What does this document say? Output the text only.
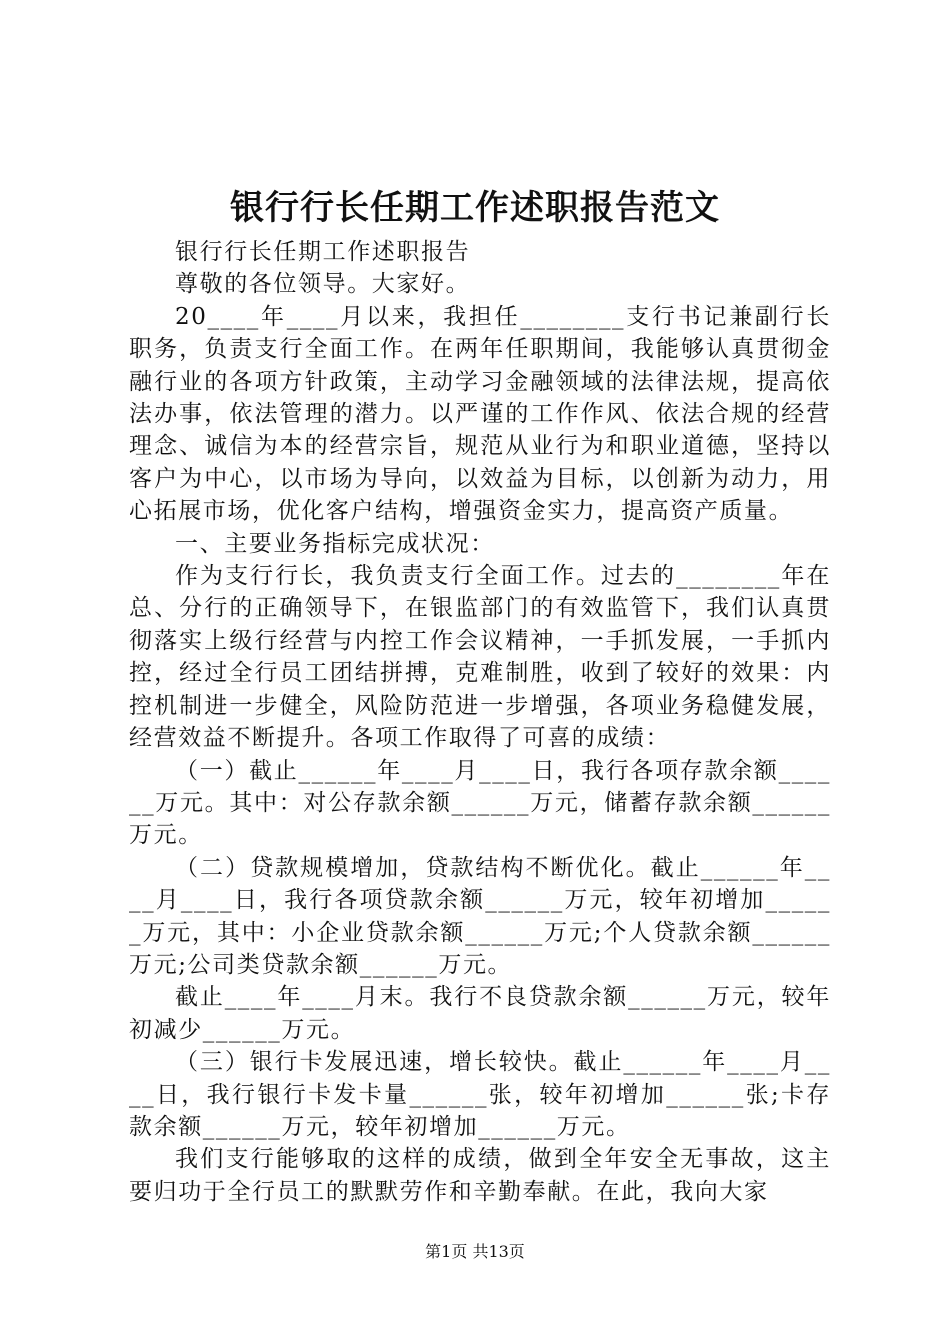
银行行长任期工作述职报告范文

银行行长任期工作述职报告

尊敬的各位领导。大家好。

20____年____月以来，我担任________支行书记兼副行长职务，负责支行全面工作。在两年任职期间，我能够认真贯彻金融行业的各项方针政策，主动学习金融领域的法律法规，提高依法办事，依法管理的潜力。以严谨的工作作风、依法合规的经营理念、诚信为本的经营宗旨，规范从业行为和职业道德，坚持以客户为中心，以市场为导向，以效益为目标，以创新为动力，用心拓展市场，优化客户结构，增强资金实力，提高资产质量。

一、主要业务指标完成状况：

作为支行行长，我负责支行全面工作。过去的________年在总、分行的正确领导下，在银监部门的有效监管下，我们认真贯彻落实上级行经营与内控工作会议精神，一手抓发展，一手抓内控，经过全行员工团结拼搏，克难制胜，收到了较好的效果：内控机制进一步健全，风险防范进一步增强，各项业务稳健发展，经营效益不断提升。各项工作取得了可喜的成绩：

（一）截止______年____月____日，我行各项存款余额______万元。其中：对公存款余额______万元，储蓄存款余额______万元。

（二）贷款规模增加，贷款结构不断优化。截止______年____月____日，我行各项贷款余额______万元，较年初增加______万元，其中：小企业贷款余额______万元;个人贷款余额______万元;公司类贷款余额______万元。

截止____年____月末。我行不良贷款余额______万元，较年初减少______万元。

（三）银行卡发展迅速，增长较快。截止______年____月____日，我行银行卡发卡量______张，较年初增加______张;卡存款余额______万元，较年初增加______万元。

我们支行能够取的这样的成绩，做到全年安全无事故，这主要归功于全行员工的默默劳作和辛勤奉献。在此，我向大家

第1页 共13页
